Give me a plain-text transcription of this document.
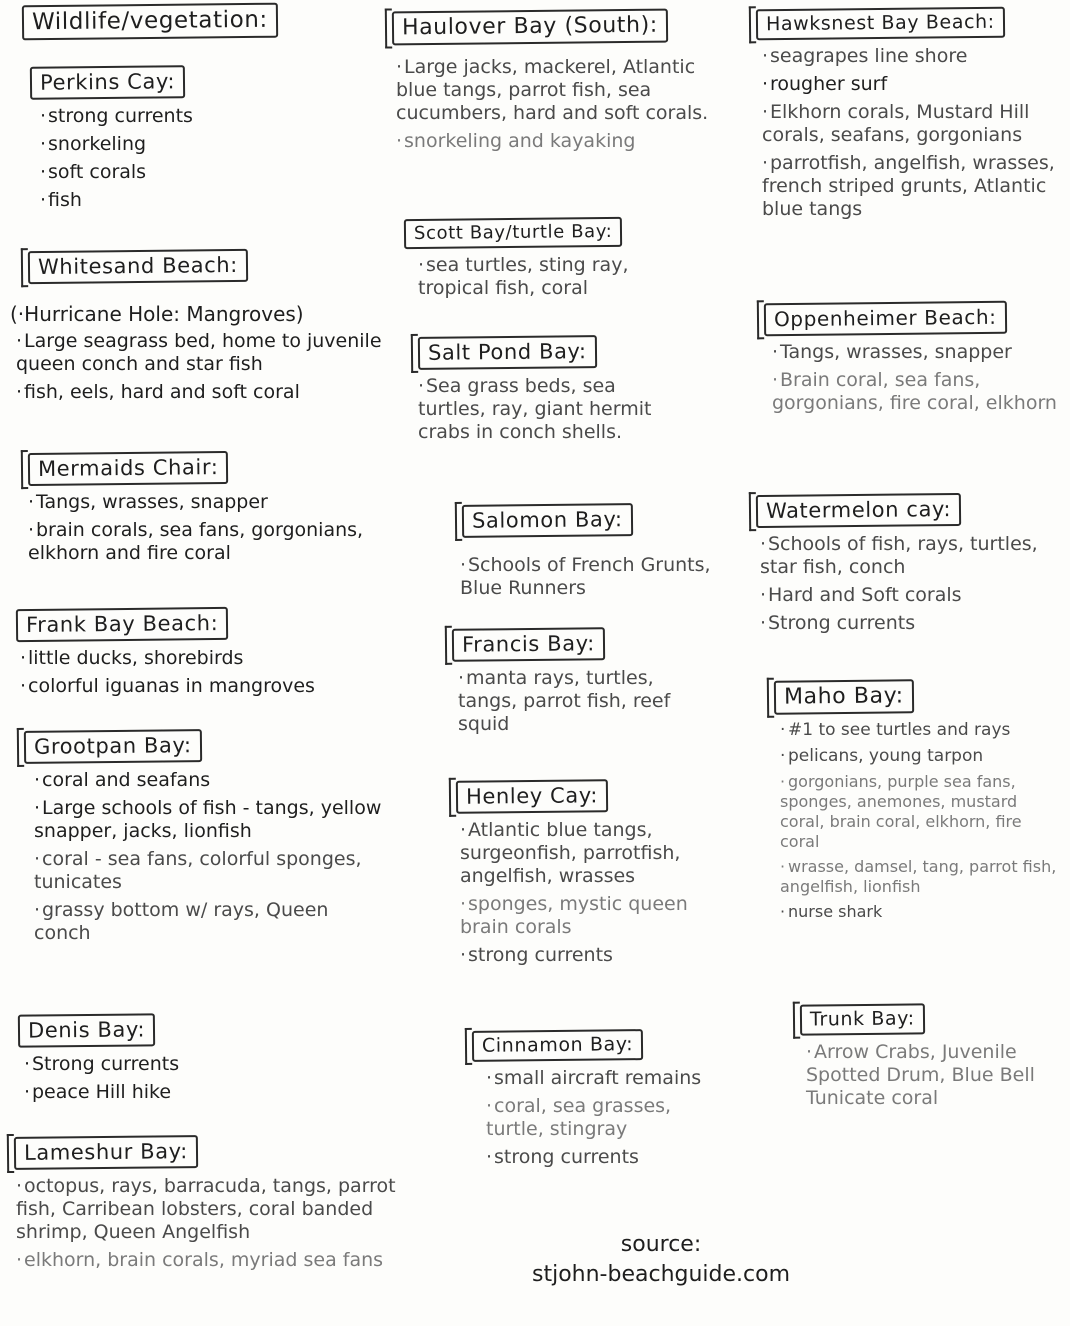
Wildlife/vegetation:
Perkins Cay:
· strong currents
· snorkeling
· soft corals
· fish
Whitesand Beach:
(·Hurricane Hole: Mangroves)
· Large seagrass bed, home to juvenile queen conch and star fish
· fish, eels, hard and soft coral
Mermaids Chair:
· Tangs, wrasses, snapper
· brain corals, sea fans, gorgonians, elkhorn and fire coral
Frank Bay Beach:
· little ducks, shorebirds
· colorful iguanas in mangroves
Grootpan Bay:
· coral and seafans
· Large schools of fish - tangs, yellow snapper, jacks, lionfish
· coral - sea fans, colorful sponges, tunicates
· grassy bottom w/ rays, Queen conch
Denis Bay:
· Strong currents
· peace Hill hike
Lameshur Bay:
· octopus, rays, barracuda, tangs, parrot fish, Carribean lobsters, coral banded shrimp, Queen Angelfish
· elkhorn, brain corals, myriad sea fans
Haulover Bay (South):
· Large jacks, mackerel, Atlantic blue tangs, parrot fish, sea cucumbers, hard and soft corals.
· snorkeling and kayaking
Scott Bay/turtle Bay:
· sea turtles, sting ray, tropical fish, coral
Salt Pond Bay:
· Sea grass beds, sea turtles, ray, giant hermit crabs in conch shells.
Salomon Bay:
· Schools of French Grunts, Blue Runners
Francis Bay:
· manta rays, turtles, tangs, parrot fish, reef squid
Henley Cay:
· Atlantic blue tangs, surgeonfish, parrotfish, angelfish, wrasses
· sponges, mystic queen brain corals
· strong currents
Cinnamon Bay:
· small aircraft remains
· coral, sea grasses, turtle, stingray
· strong currents
source:
stjohn-beachguide.com
Hawksnest Bay Beach:
· seagrapes line shore
· rougher surf
· Elkhorn corals, Mustard Hill corals, seafans, gorgonians
· parrotfish, angelfish, wrasses, french striped grunts, Atlantic blue tangs
Oppenheimer Beach:
· Tangs, wrasses, snapper
· Brain coral, sea fans, gorgonians, fire coral, elkhorn
Watermelon cay:
· Schools of fish, rays, turtles, star fish, conch
· Hard and Soft corals
· Strong currents
Maho Bay:
· #1 to see turtles and rays
· pelicans, young tarpon
· gorgonians, purple sea fans, sponges, anemones, mustard coral, brain coral, elkhorn, fire coral
· wrasse, damsel, tang, parrot fish, angelfish, lionfish
· nurse shark
Trunk Bay:
· Arrow Crabs, Juvenile Spotted Drum, Blue Bell Tunicate coral
